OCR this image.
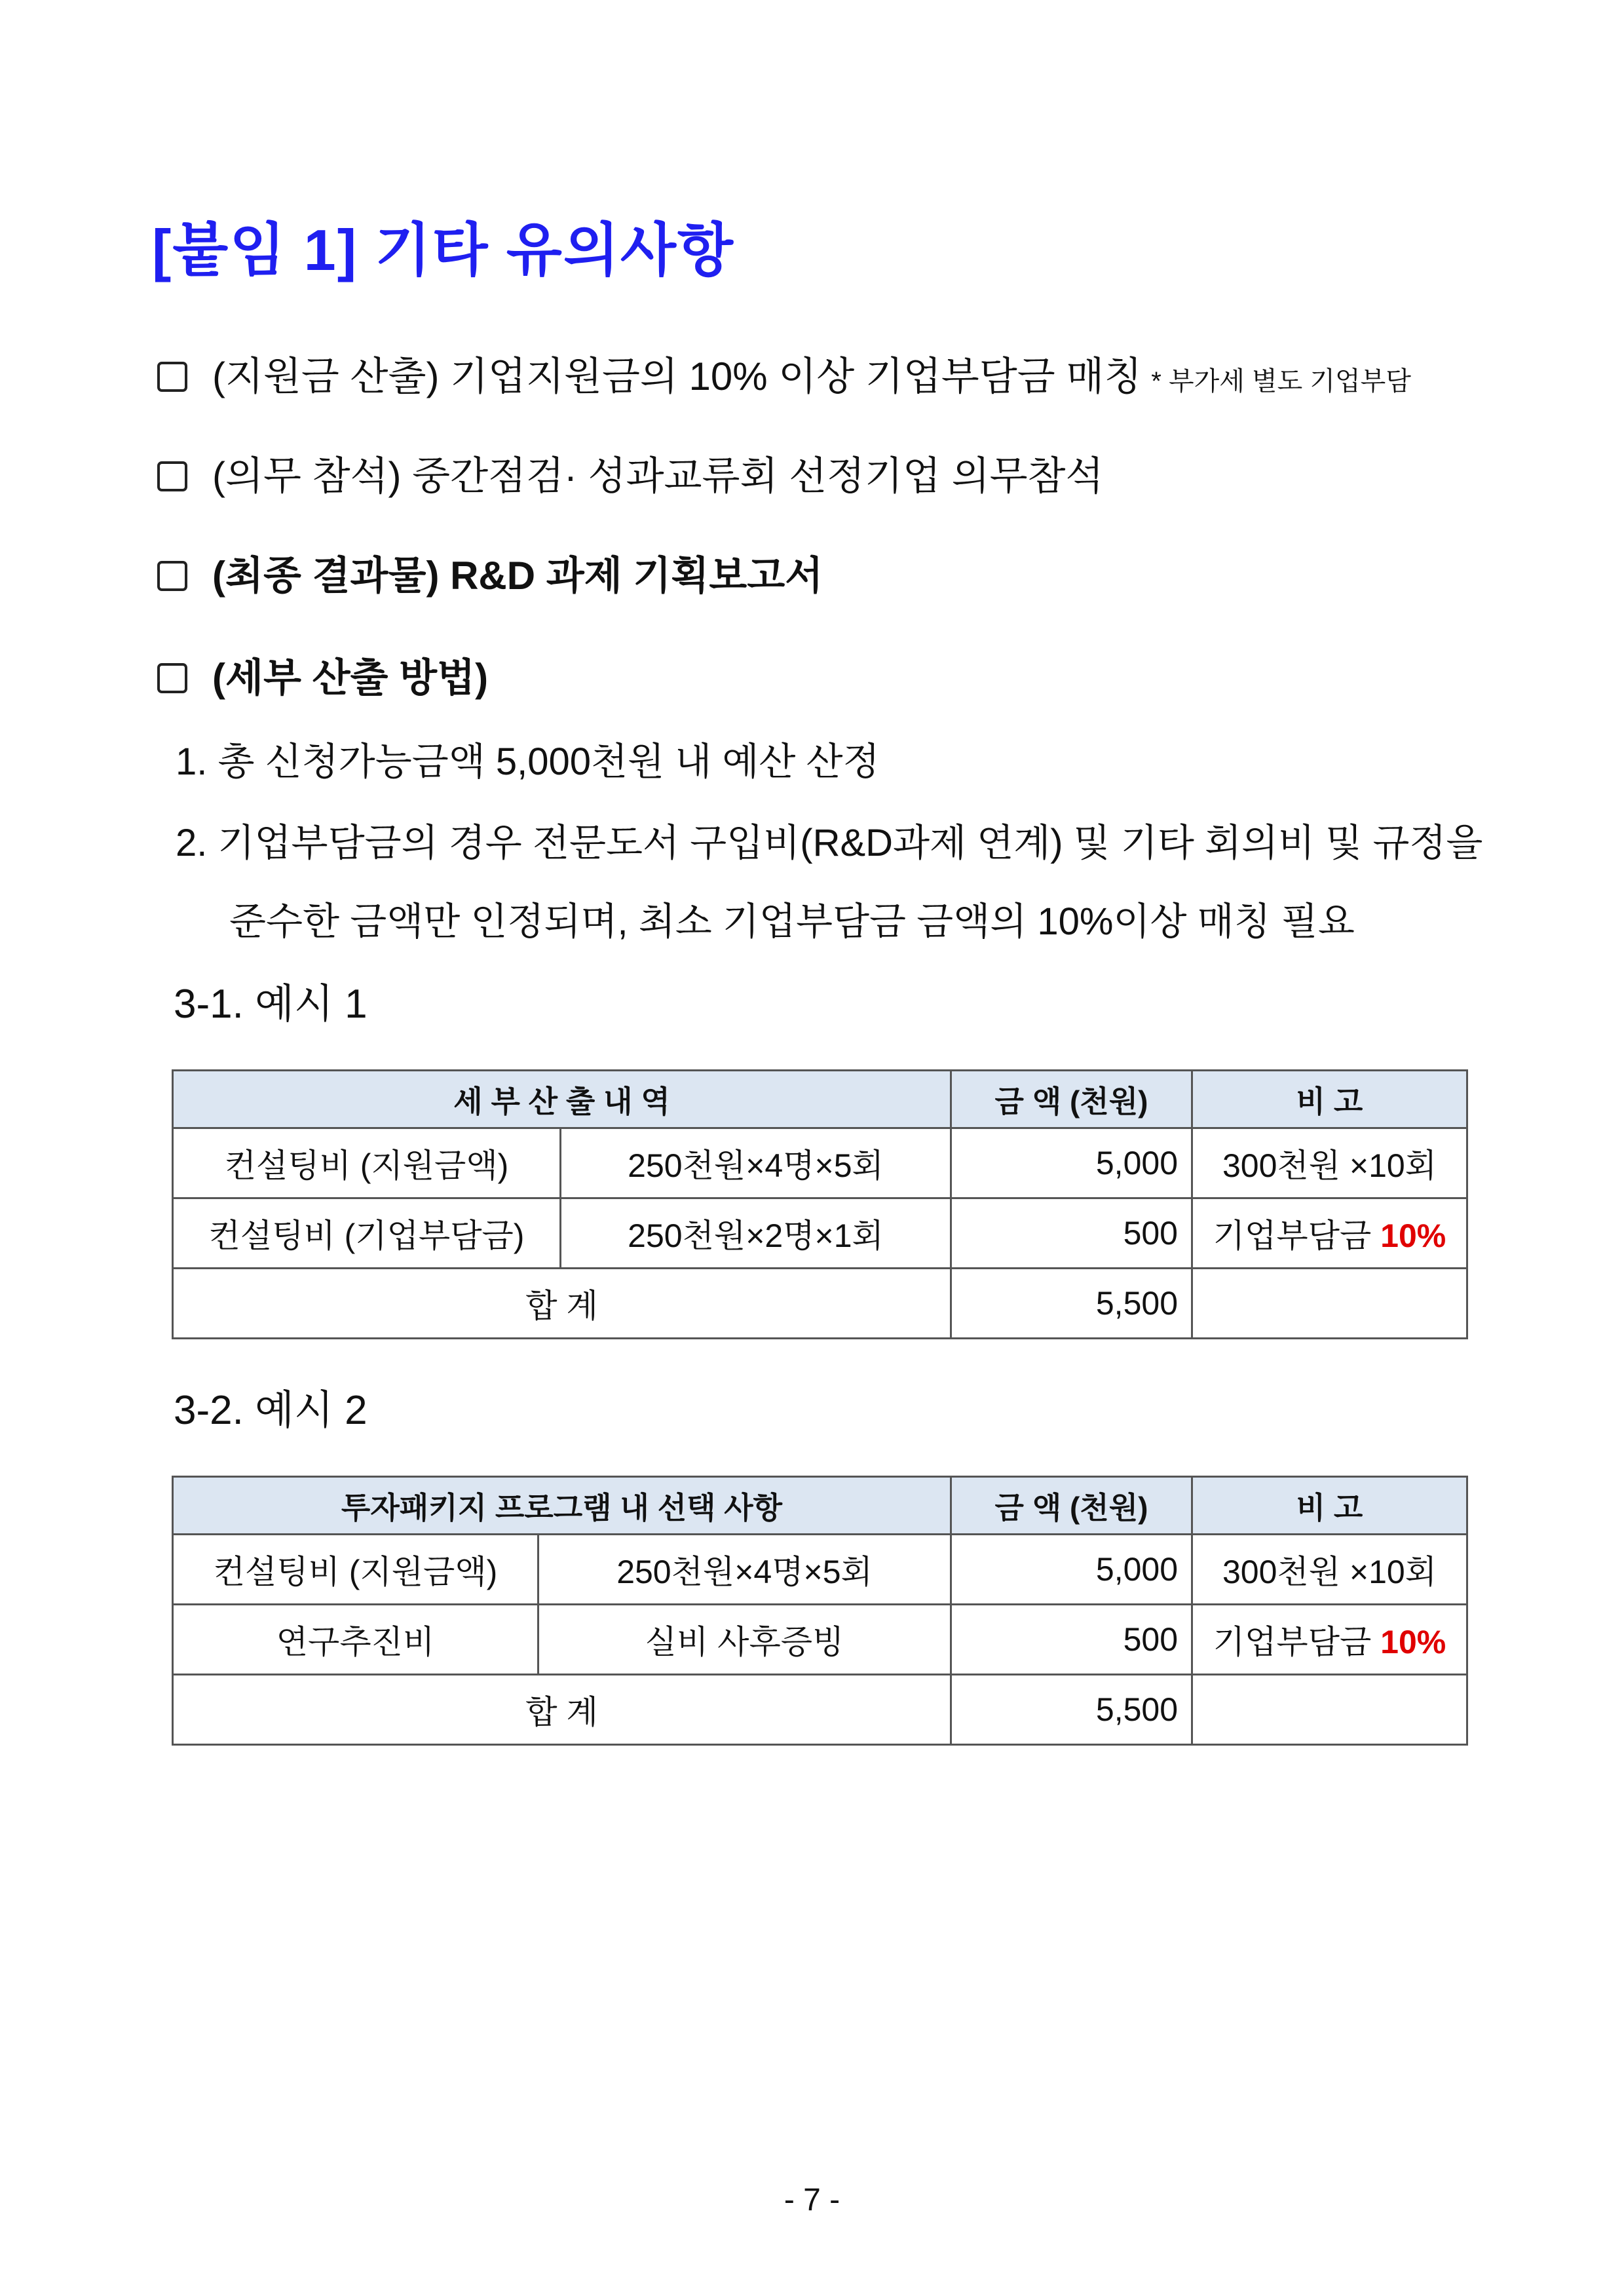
[붙임 1] 기타 유의사항
(지원금 산출) 기업지원금의 10% 이상 기업부담금 매칭 * 부가세 별도 기업부담
(의무 참석) 중간점검· 성과교류회 선정기업 의무참석
(최종 결과물) R&D 과제 기획보고서
(세부 산출 방법)
1. 총 신청가능금액 5,000천원 내 예산 산정
2. 기업부담금의 경우 전문도서 구입비(R&D과제 연계) 및 기타 회의비 및 규정을
준수한 금액만 인정되며, 최소 기업부담금 금액의 10%이상 매칭 필요
3-1. 예시 1
세 부 산 출 내 역		금 액 (천원)	비 고
컨설팅비 (지원금액)	250천원×4명×5회	5,000	300천원 ×10회
컨설팅비 (기업부담금)	250천원×2명×1회	500	기업부담금 10%
합 계		5,500	
3-2. 예시 2
투자패키지 프로그램 내 선택 사항		금 액 (천원)	비 고
컨설팅비 (지원금액)	250천원×4명×5회	5,000	300천원 ×10회
연구추진비	실비 사후증빙	500	기업부담금 10%
합 계		5,500	
- 7 -
